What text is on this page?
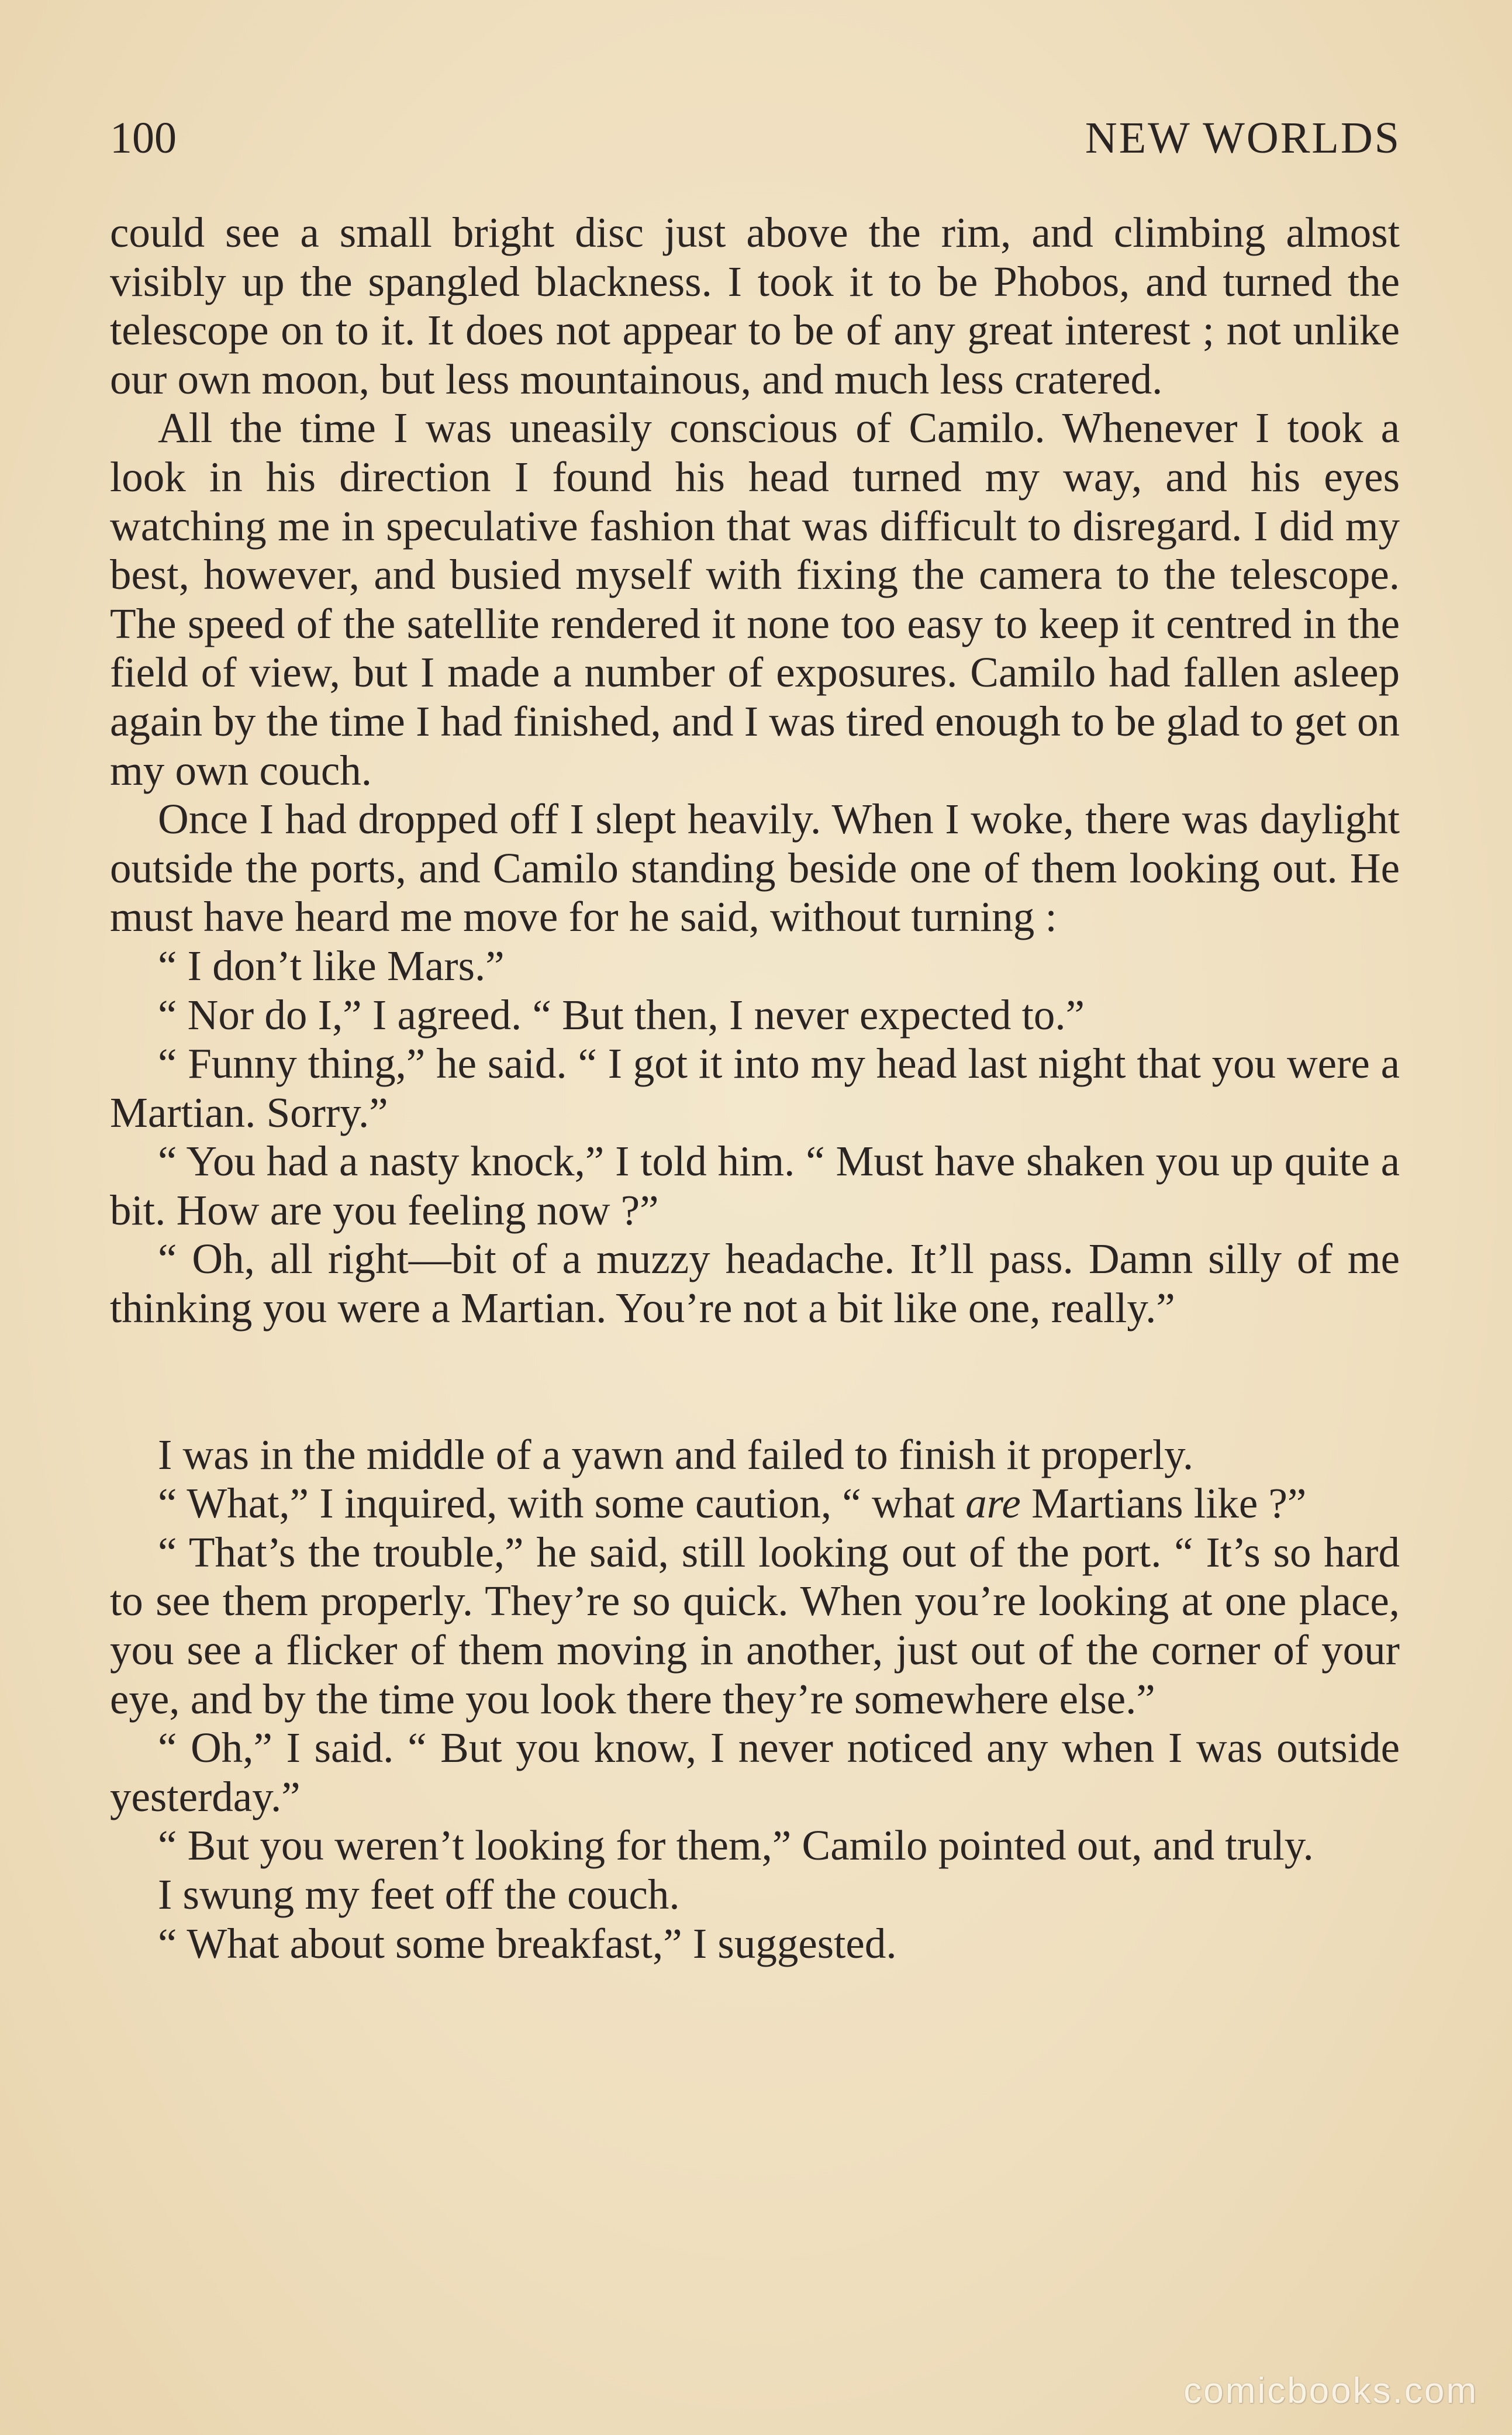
100	NEW WORLDS

could see a small bright disc just above the rim, and climbing almost visibly up the spangled blackness. I took it to be Phobos, and turned the telescope on to it. It does not appear to be of any great interest ; not unlike our own moon, but less mountainous, and much less cratered.

All the time I was uneasily conscious of Camilo. Whenever I took a look in his direction I found his head turned my way, and his eyes watching me in speculative fashion that was difficult to disregard. I did my best, however, and busied myself with fixing the camera to the telescope. The speed of the satellite rendered it none too easy to keep it centred in the field of view, but I made a number of exposures. Camilo had fallen asleep again by the time I had finished, and I was tired enough to be glad to get on my own couch.

Once I had dropped off I slept heavily. When I woke, there was daylight outside the ports, and Camilo standing beside one of them looking out. He must have heard me move for he said, without turning :

“ I don’t like Mars.”

“ Nor do I,” I agreed. “ But then, I never expected to.”

“ Funny thing,” he said. “ I got it into my head last night that you were a Martian. Sorry.”

“ You had a nasty knock,” I told him. “ Must have shaken you up quite a bit. How are you feeling now ?”

“ Oh, all right—bit of a muzzy headache. It’ll pass. Damn silly of me thinking you were a Martian. You’re not a bit like one, really.”

I was in the middle of a yawn and failed to finish it properly.

“ What,” I inquired, with some caution, “ what are Martians like ?”

“ That’s the trouble,” he said, still looking out of the port. “ It’s so hard to see them properly. They’re so quick. When you’re looking at one place, you see a flicker of them moving in another, just out of the corner of your eye, and by the time you look there they’re somewhere else.”

“ Oh,” I said. “ But you know, I never noticed any when I was outside yesterday.”

“ But you weren’t looking for them,” Camilo pointed out, and truly.

I swung my feet off the couch.

“ What about some breakfast,” I suggested.

comicbooks.com
